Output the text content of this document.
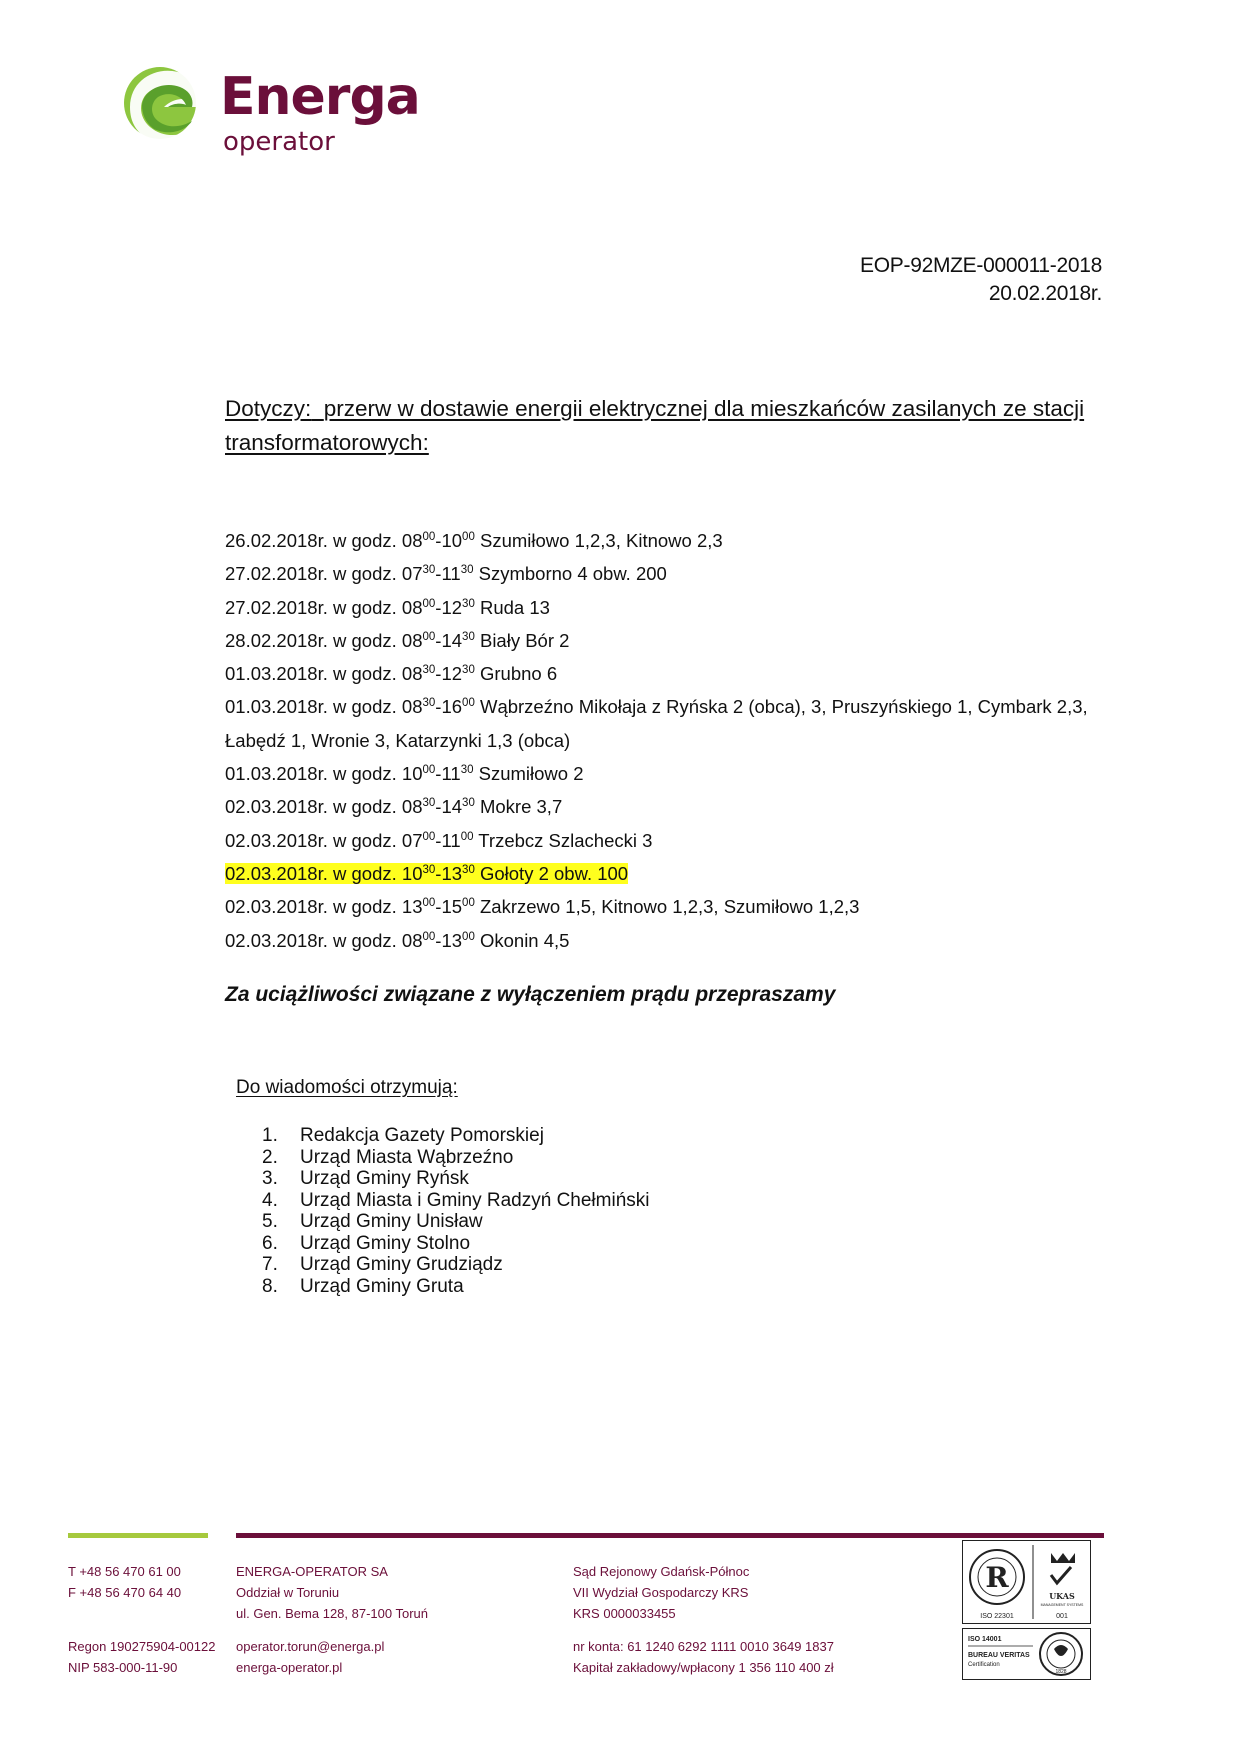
Energa
operator
EOP-92MZE-000011-2018
20.02.2018r.
Dotyczy: przerw w dostawie energii elektrycznej dla mieszkańców zasilanych ze stacji transformatorowych:
26.02.2018r. w godz. $08^{00}-10^{00}$ Szumiłowo 1,2,3, Kitnowo 2,3
27.02.2018r. w godz. $07^{30}-11^{30}$ Szymborno 4 obw. 200
27.02.2018r. w godz. $08^{00}-12^{30}$ Ruda 13
28.02.2018r. w godz. $08^{00}-14^{30}$ Biały Bór 2
01.03.2018r. w godz. $08^{30}-12^{30}$ Grubno 6
01.03.2018r. w godz. $08^{30}-16^{00}$ Wąbrzeźno Mikołaja z Ryńska 2 (obca), 3, Pruszyńskiego 1, Cymbark 2,3,
Łabędź 1, Wronie 3, Katarzynki 1,3 (obca)
01.03.2018r. w godz. $10^{00}-11^{30}$ Szumiłowo 2
02.03.2018r. w godz. $08^{30}-14^{30}$ Mokre 3,7
02.03.2018r. w godz. $07^{00}-11^{00}$ Trzebcz Szlachecki 3
02.03.2018r. w godz. $10^{30}-13^{30}$ Gołoty 2 obw. 100
02.03.2018r. w godz. $13^{00}-15^{00}$ Zakrzewo 1,5, Kitnowo 1,2,3, Szumiłowo 1,2,3
02.03.2018r. w godz. $08^{00}-13^{00}$ Okonin 4,5
Za uciążliwości związane z wyłączeniem prądu przepraszamy
Do wiadomości otrzymują:
1. Redakcja Gazety Pomorskiej
2. Urząd Miasta Wąbrzeźno
3. Urząd Gminy Ryńsk
4. Urząd Miasta i Gminy Radzyń Chełmiński
5. Urząd Gminy Unisław
6. Urząd Gminy Stolno
7. Urząd Gminy Grudziądz
8. Urząd Gminy Gruta
T +48 56 470 61 00
F +48 56 470 64 40
Regon 190275904-00122
NIP 583-000-11-90
ENERGA-OPERATOR SA
Oddział w Toruniu
ul. Gen. Bema 128, 87-100 Toruń
operator.torun@energa.pl
energa-operator.pl
Sąd Rejonowy Gdańsk-Północ
VII Wydział Gospodarczy KRS
KRS 0000033455
nr konta: 61 1240 6292 1111 0010 3649 1837
Kapitał zakładowy/wpłacony 1 356 110 400 zł
R
ISO 22301
UKAS
MANAGEMENT SYSTEMS
001
ISO 14001
BUREAU VERITAS
Certification
1828
